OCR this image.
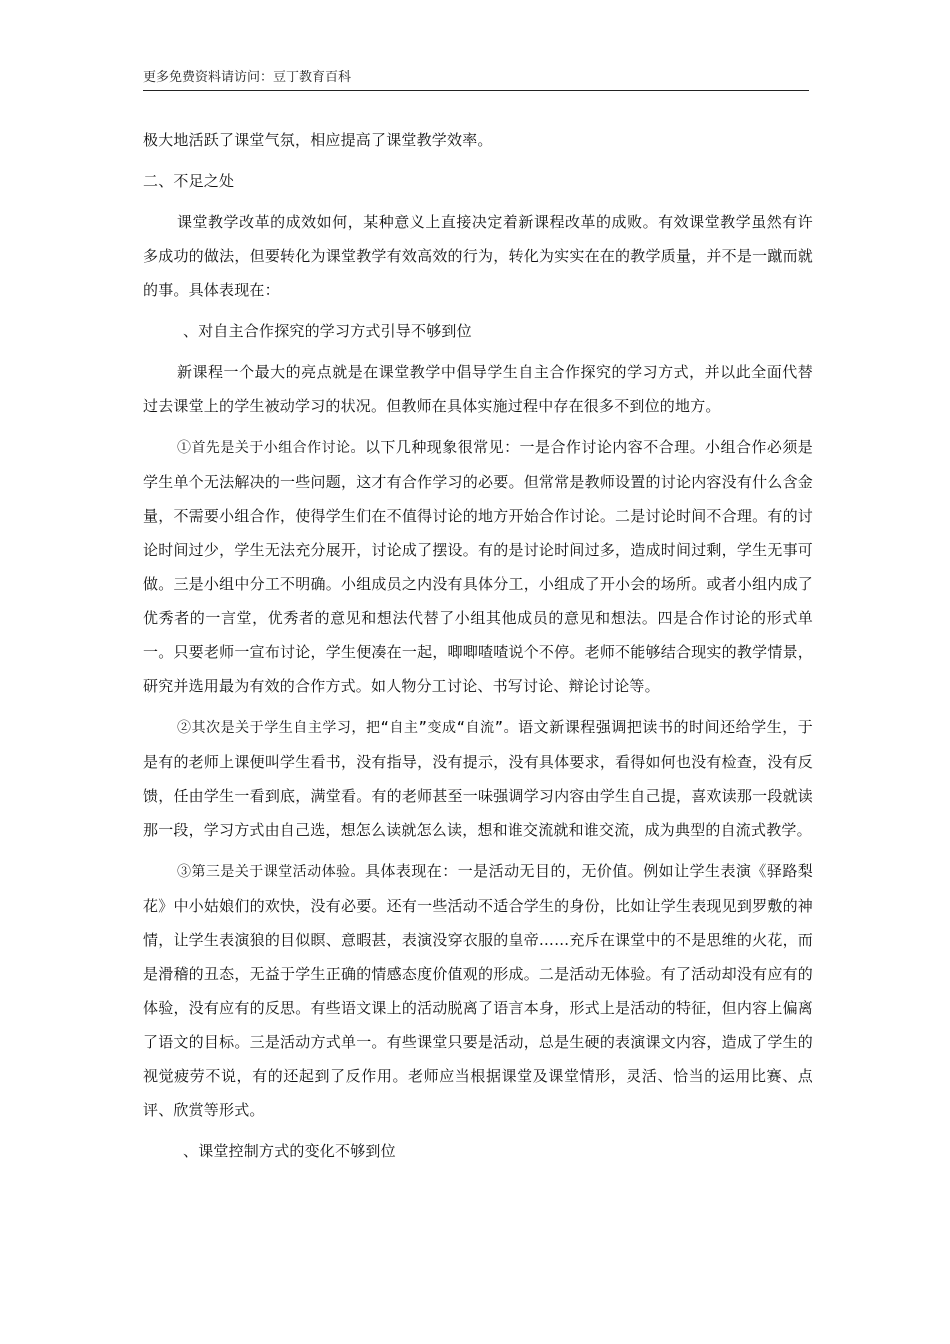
更多免费资料请访问：豆丁教育百科

极大地活跃了课堂气氛，相应提高了课堂教学效率。

二、不足之处

课堂教学改革的成效如何，某种意义上直接决定着新课程改革的成败。有效课堂教学虽然有许多成功的做法，但要转化为课堂教学有效高效的行为，转化为实实在在的教学质量，并不是一蹴而就的事。具体表现在：

、对自主合作探究的学习方式引导不够到位

新课程一个最大的亮点就是在课堂教学中倡导学生自主合作探究的学习方式，并以此全面代替过去课堂上的学生被动学习的状况。但教师在具体实施过程中存在很多不到位的地方。

①首先是关于小组合作讨论。以下几种现象很常见：一是合作讨论内容不合理。小组合作必须是学生单个无法解决的一些问题，这才有合作学习的必要。但常常是教师设置的讨论内容没有什么含金量，不需要小组合作，使得学生们在不值得讨论的地方开始合作讨论。二是讨论时间不合理。有的讨论时间过少，学生无法充分展开，讨论成了摆设。有的是讨论时间过多，造成时间过剩，学生无事可做。三是小组中分工不明确。小组成员之内没有具体分工，小组成了开小会的场所。或者小组内成了优秀者的一言堂，优秀者的意见和想法代替了小组其他成员的意见和想法。四是合作讨论的形式单一。只要老师一宣布讨论，学生便凑在一起，唧唧喳喳说个不停。老师不能够结合现实的教学情景，研究并选用最为有效的合作方式。如人物分工讨论、书写讨论、辩论讨论等。

②其次是关于学生自主学习，把“自主”变成“自流”。语文新课程强调把读书的时间还给学生，于是有的老师上课便叫学生看书，没有指导，没有提示，没有具体要求，看得如何也没有检查，没有反馈，任由学生一看到底，满堂看。有的老师甚至一味强调学习内容由学生自己提，喜欢读那一段就读那一段，学习方式由自己选，想怎么读就怎么读，想和谁交流就和谁交流，成为典型的自流式教学。

③第三是关于课堂活动体验。具体表现在：一是活动无目的，无价值。例如让学生表演《驿路梨花》中小姑娘们的欢快，没有必要。还有一些活动不适合学生的身份，比如让学生表现见到罗敷的神情，让学生表演狼的目似瞑、意暇甚，表演没穿衣服的皇帝……充斥在课堂中的不是思维的火花，而是滑稽的丑态，无益于学生正确的情感态度价值观的形成。二是活动无体验。有了活动却没有应有的体验，没有应有的反思。有些语文课上的活动脱离了语言本身，形式上是活动的特征，但内容上偏离了语文的目标。三是活动方式单一。有些课堂只要是活动，总是生硬的表演课文内容，造成了学生的视觉疲劳不说，有的还起到了反作用。老师应当根据课堂及课堂情形，灵活、恰当的运用比赛、点评、欣赏等形式。

、课堂控制方式的变化不够到位
